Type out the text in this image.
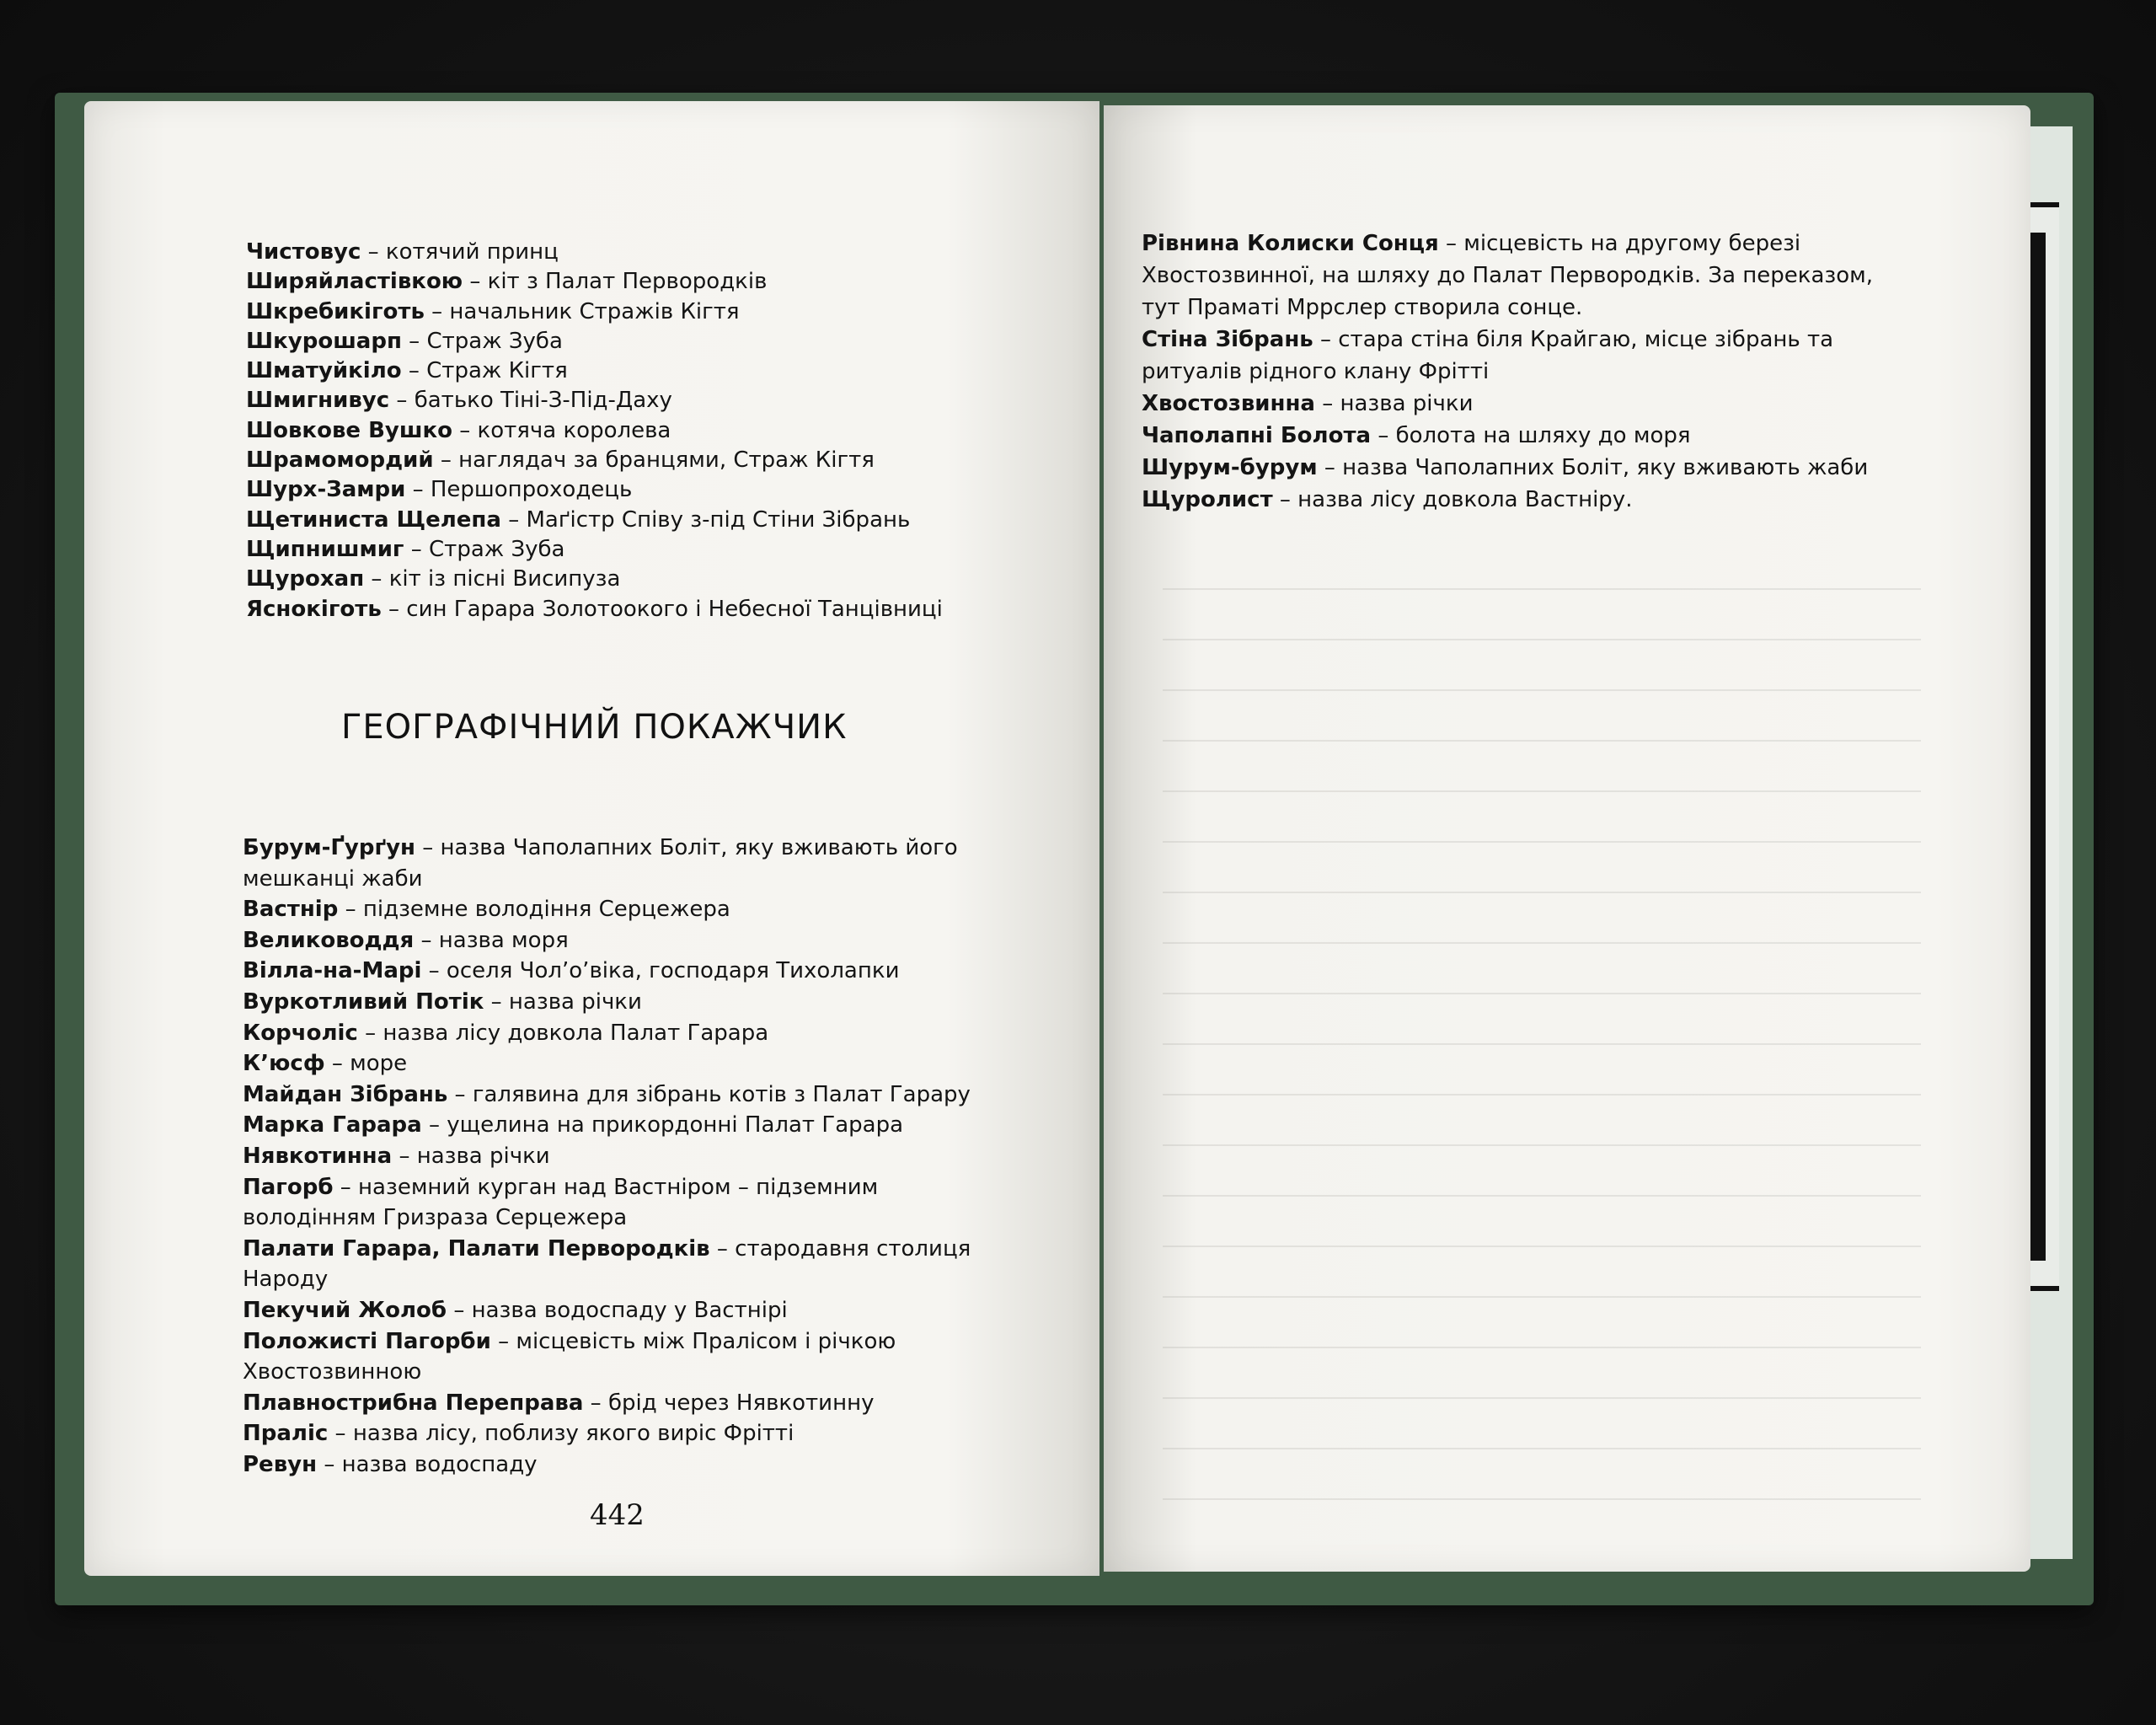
Чистовус – котячий принц
Ширяйластівкою – кіт з Палат Первородків
Шкребикіготь – начальник Стражів Кігтя
Шкурошарп – Страж Зуба
Шматуйкіло – Страж Кігтя
Шмигнивус – батько Тіні-З-Під-Даху
Шовкове Вушко – котяча королева
Шрамомордий – наглядач за бранцями, Страж Кігтя
Шурх-Замри – Першопроходець
Щетиниста Щелепа – Маґістр Співу з-під Стіни Зібрань
Щипнишмиг – Страж Зуба
Щурохап – кіт із пісні Висипуза
Яснокіготь – син Гарара Золотоокого і Небесної Танцівниці
ГЕОГРАФІЧНИЙ ПОКАЖЧИК
Бурум-Ґурґун – назва Чаполапних Боліт, яку вживають його мешканці жаби
Вастнір – підземне володіння Серцежера
Велиководдя – назва моря
Вілла-на-Марі – оселя Чол’о’віка, господаря Тихолапки
Вуркотливий Потік – назва річки
Корчоліс – назва лісу довкола Палат Гарара
К’юсф – море
Майдан Зібрань – галявина для зібрань котів з Палат Гарару
Марка Гарара – ущелина на прикордонні Палат Гарара
Нявкотинна – назва річки
Пагорб – наземний курган над Вастніром – підземним володінням Гризраза Серцежера
Палати Гарара, Палати Первородків – стародавня столиця Народу
Пекучий Жолоб – назва водоспаду у Вастнірі
Положисті Пагорби – місцевість між Пралісом і річкою Хвостозвинною
Плавнострибна Переправа – брід через Нявкотинну
Праліс – назва лісу, поблизу якого виріс Фрітті
Ревун – назва водоспаду
442
Рівнина Колиски Сонця – місцевість на другому березі Хвостозвинної, на шляху до Палат Первородків. За переказом, тут Праматі Мррслер створила сонце.
Стіна Зібрань – стара стіна біля Крайгаю, місце зібрань та ритуалів рідного клану Фрітті
Хвостозвинна – назва річки
Чаполапні Болота – болота на шляху до моря
Шурум-бурум – назва Чаполапних Боліт, яку вживають жаби
Щуролист – назва лісу довкола Вастніру.
